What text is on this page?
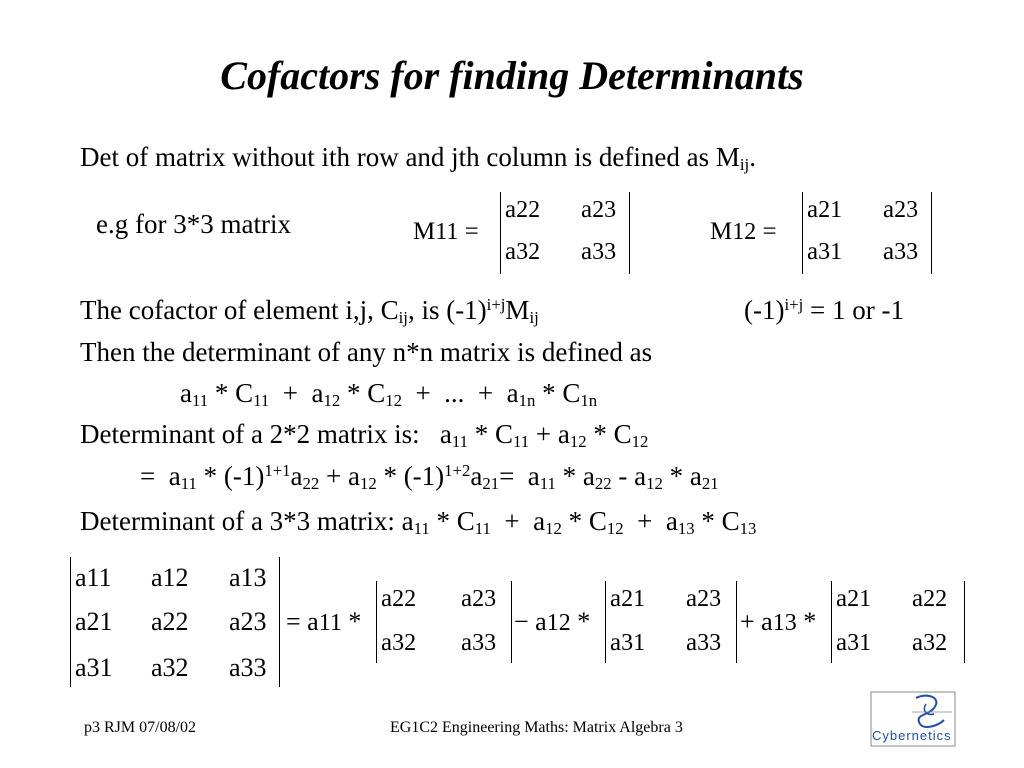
Cofactors for finding Determinants
Det of matrix without ith row and jth column is defined as $M_{ij}$.
e.g for 3*3 matrix	M11 =
a22 a23
a32 a33
M12 =
a21 a23
a31 a33
The cofactor of element i,j, $C_{ij}$, is $(-1)^{i+j}M_{ij}$	$(-1)^{i+j} = 1$ or -1
Then the determinant of any n*n matrix is defined as
$a_{11} * C_{11} + a_{12} * C_{12}$  +  ...  +  $a_{1n} * C_{1n}$
Determinant of a 2*2 matrix is:   $a_{11} * C_{11} + a_{12} * C_{12}$
=  $a_{11} * (-1)^{1+1}a_{22} + a_{12} * (-1)^{1+2}a_{21}= a_{11} * a_{22} - a_{12} * a_{21}$
Determinant of a 3*3 matrix: $a_{11} * C_{11} + a_{12} * C_{12} + a_{13} * C_{13}$
a11 a12 a13
a21 a22 a23
a31 a32 a33
= a11 *
a22 a23
a32 a33
− a12 *
a21 a23
a31 a33
+ a13 *
a21 a22
a31 a32
p3 RJM 07/08/02	EG1C2 Engineering Maths: Matrix Algebra 3	Cybernetics
